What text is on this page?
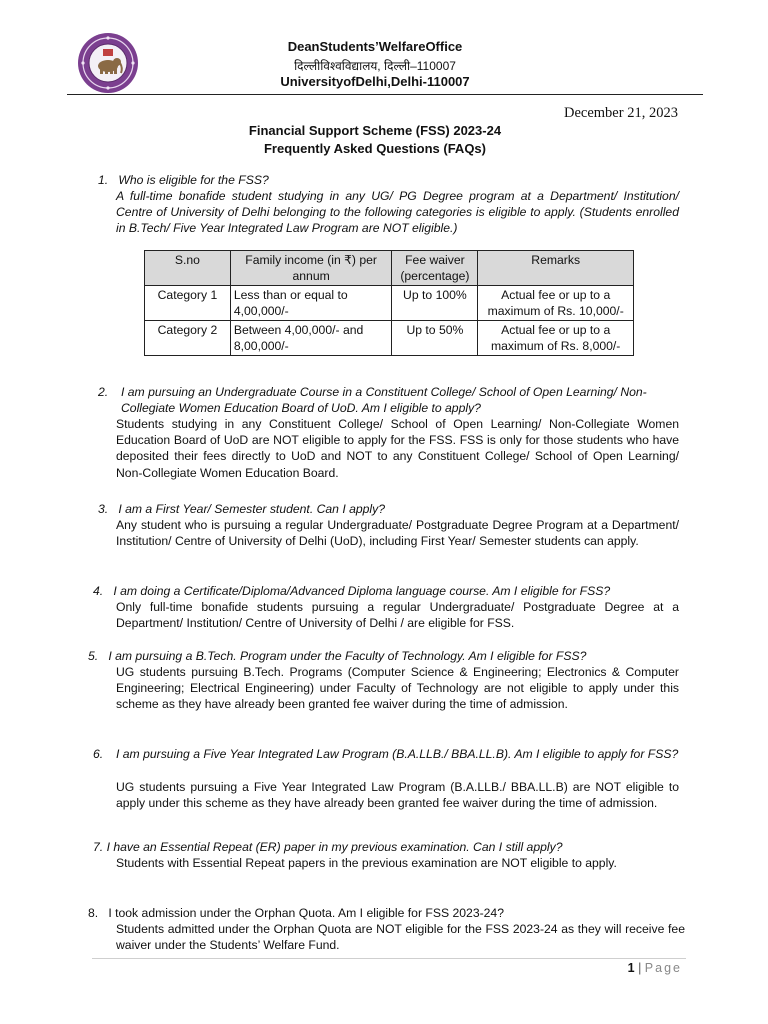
DeanStudents’WelfareOffice
दिल्लीविश्वविद्यालय, दिल्ली–110007
UniversityofDelhi,Delhi-110007
December 21, 2023
Financial Support Scheme (FSS) 2023-24
Frequently Asked Questions (FAQs)
1. Who is eligible for the FSS?
A full-time bonafide student studying in any UG/ PG Degree program at a Department/ Institution/ Centre of University of Delhi belonging to the following categories is eligible to apply. (Students enrolled in B.Tech/ Five Year Integrated Law Program are NOT eligible.)
S.no	Family income (in ₹) per annum	Fee waiver (percentage)	Remarks
Category 1	Less than or equal to 4,00,000/-	Up to 100%	Actual fee or up to a maximum of Rs. 10,000/-
Category 2	Between 4,00,000/- and 8,00,000/-	Up to 50%	Actual fee or up to a maximum of Rs. 8,000/-
2. I am pursuing an Undergraduate Course in a Constituent College/ School of Open Learning/ Non-Collegiate Women Education Board of UoD. Am I eligible to apply?
Students studying in any Constituent College/ School of Open Learning/ Non-Collegiate Women Education Board of UoD are NOT eligible to apply for the FSS. FSS is only for those students who have deposited their fees directly to UoD and NOT to any Constituent College/ School of Open Learning/ Non-Collegiate Women Education Board.
3. I am a First Year/ Semester student. Can I apply?
Any student who is pursuing a regular Undergraduate/ Postgraduate Degree Program at a Department/ Institution/ Centre of University of Delhi (UoD), including First Year/ Semester students can apply.
4. I am doing a Certificate/Diploma/Advanced Diploma language course. Am I eligible for FSS?
Only full-time bonafide students pursuing a regular Undergraduate/ Postgraduate Degree at a Department/ Institution/ Centre of University of Delhi / are eligible for FSS.
5. I am pursuing a B.Tech. Program under the Faculty of Technology. Am I eligible for FSS?
UG students pursuing B.Tech. Programs (Computer Science & Engineering; Electronics & Computer Engineering; Electrical Engineering) under Faculty of Technology are not eligible to apply under this scheme as they have already been granted fee waiver during the time of admission.
6. I am pursuing a Five Year Integrated Law Program (B.A.LLB./ BBA.LL.B). Am I eligible to apply for FSS?
UG students pursuing a Five Year Integrated Law Program (B.A.LLB./ BBA.LL.B) are NOT eligible to apply under this scheme as they have already been granted fee waiver during the time of admission.
7. I have an Essential Repeat (ER) paper in my previous examination. Can I still apply?
Students with Essential Repeat papers in the previous examination are NOT eligible to apply.
8. I took admission under the Orphan Quota. Am I eligible for FSS 2023-24?
Students admitted under the Orphan Quota are NOT eligible for the FSS 2023-24 as they will receive fee waiver under the Students’ Welfare Fund.
1 | Page
